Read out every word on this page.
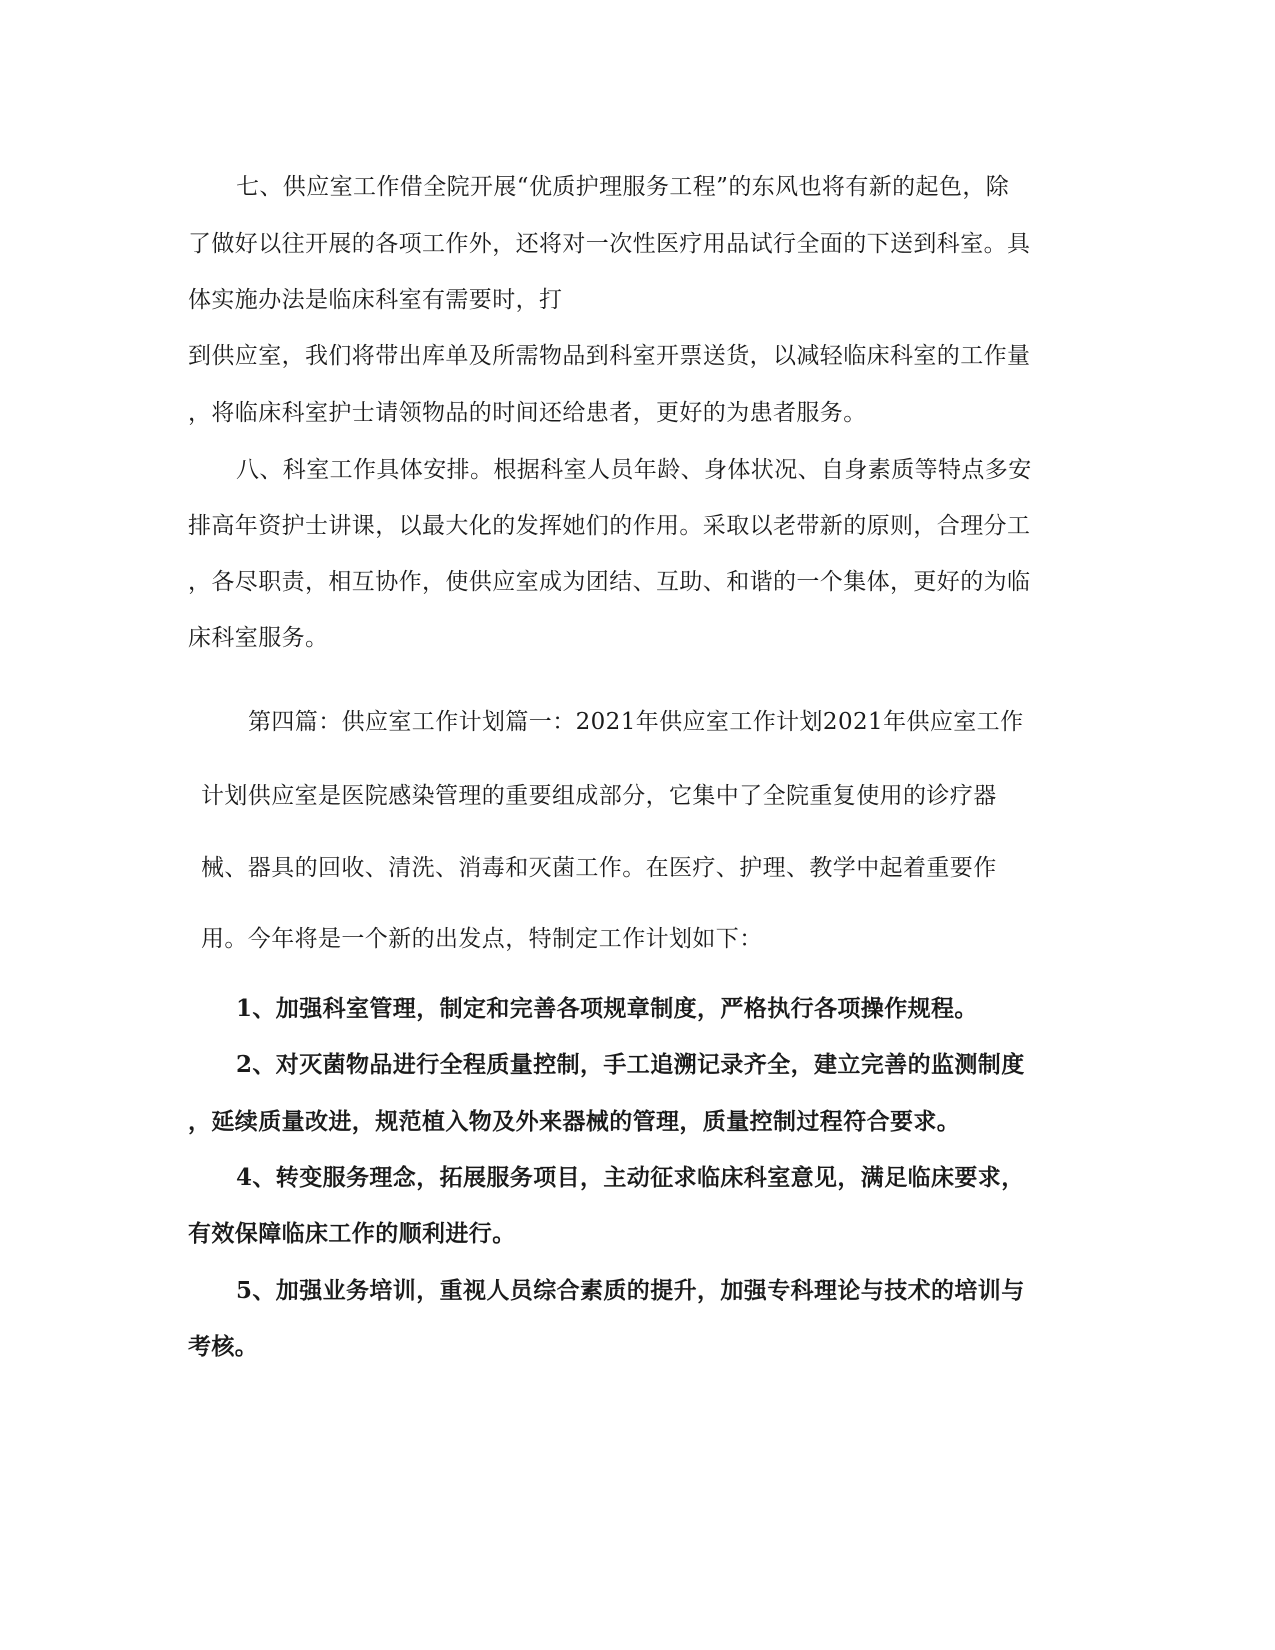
七、供应室工作借全院开展“优质护理服务工程”的东风也将有新的起色，除
了做好以往开展的各项工作外，还将对一次性医疗用品试行全面的下送到科室。具
体实施办法是临床科室有需要时，打
到供应室，我们将带出库单及所需物品到科室开票送货，以减轻临床科室的工作量
，将临床科室护士请领物品的时间还给患者，更好的为患者服务。
八、科室工作具体安排。根据科室人员年龄、身体状况、自身素质等特点多安
排高年资护士讲课，以最大化的发挥她们的作用。采取以老带新的原则，合理分工
，各尽职责，相互协作，使供应室成为团结、互助、和谐的一个集体，更好的为临
床科室服务。
第四篇：供应室工作计划篇一：2021年供应室工作计划2021年供应室工作
计划供应室是医院感染管理的重要组成部分，它集中了全院重复使用的诊疗器
械、器具的回收、清洗、消毒和灭菌工作。在医疗、护理、教学中起着重要作
用。今年将是一个新的出发点，特制定工作计划如下：
1、加强科室管理，制定和完善各项规章制度，严格执行各项操作规程。
2、对灭菌物品进行全程质量控制，手工追溯记录齐全，建立完善的监测制度
，延续质量改进，规范植入物及外来器械的管理，质量控制过程符合要求。
4、转变服务理念，拓展服务项目，主动征求临床科室意见，满足临床要求，
有效保障临床工作的顺利进行。
5、加强业务培训，重视人员综合素质的提升，加强专科理论与技术的培训与
考核。
